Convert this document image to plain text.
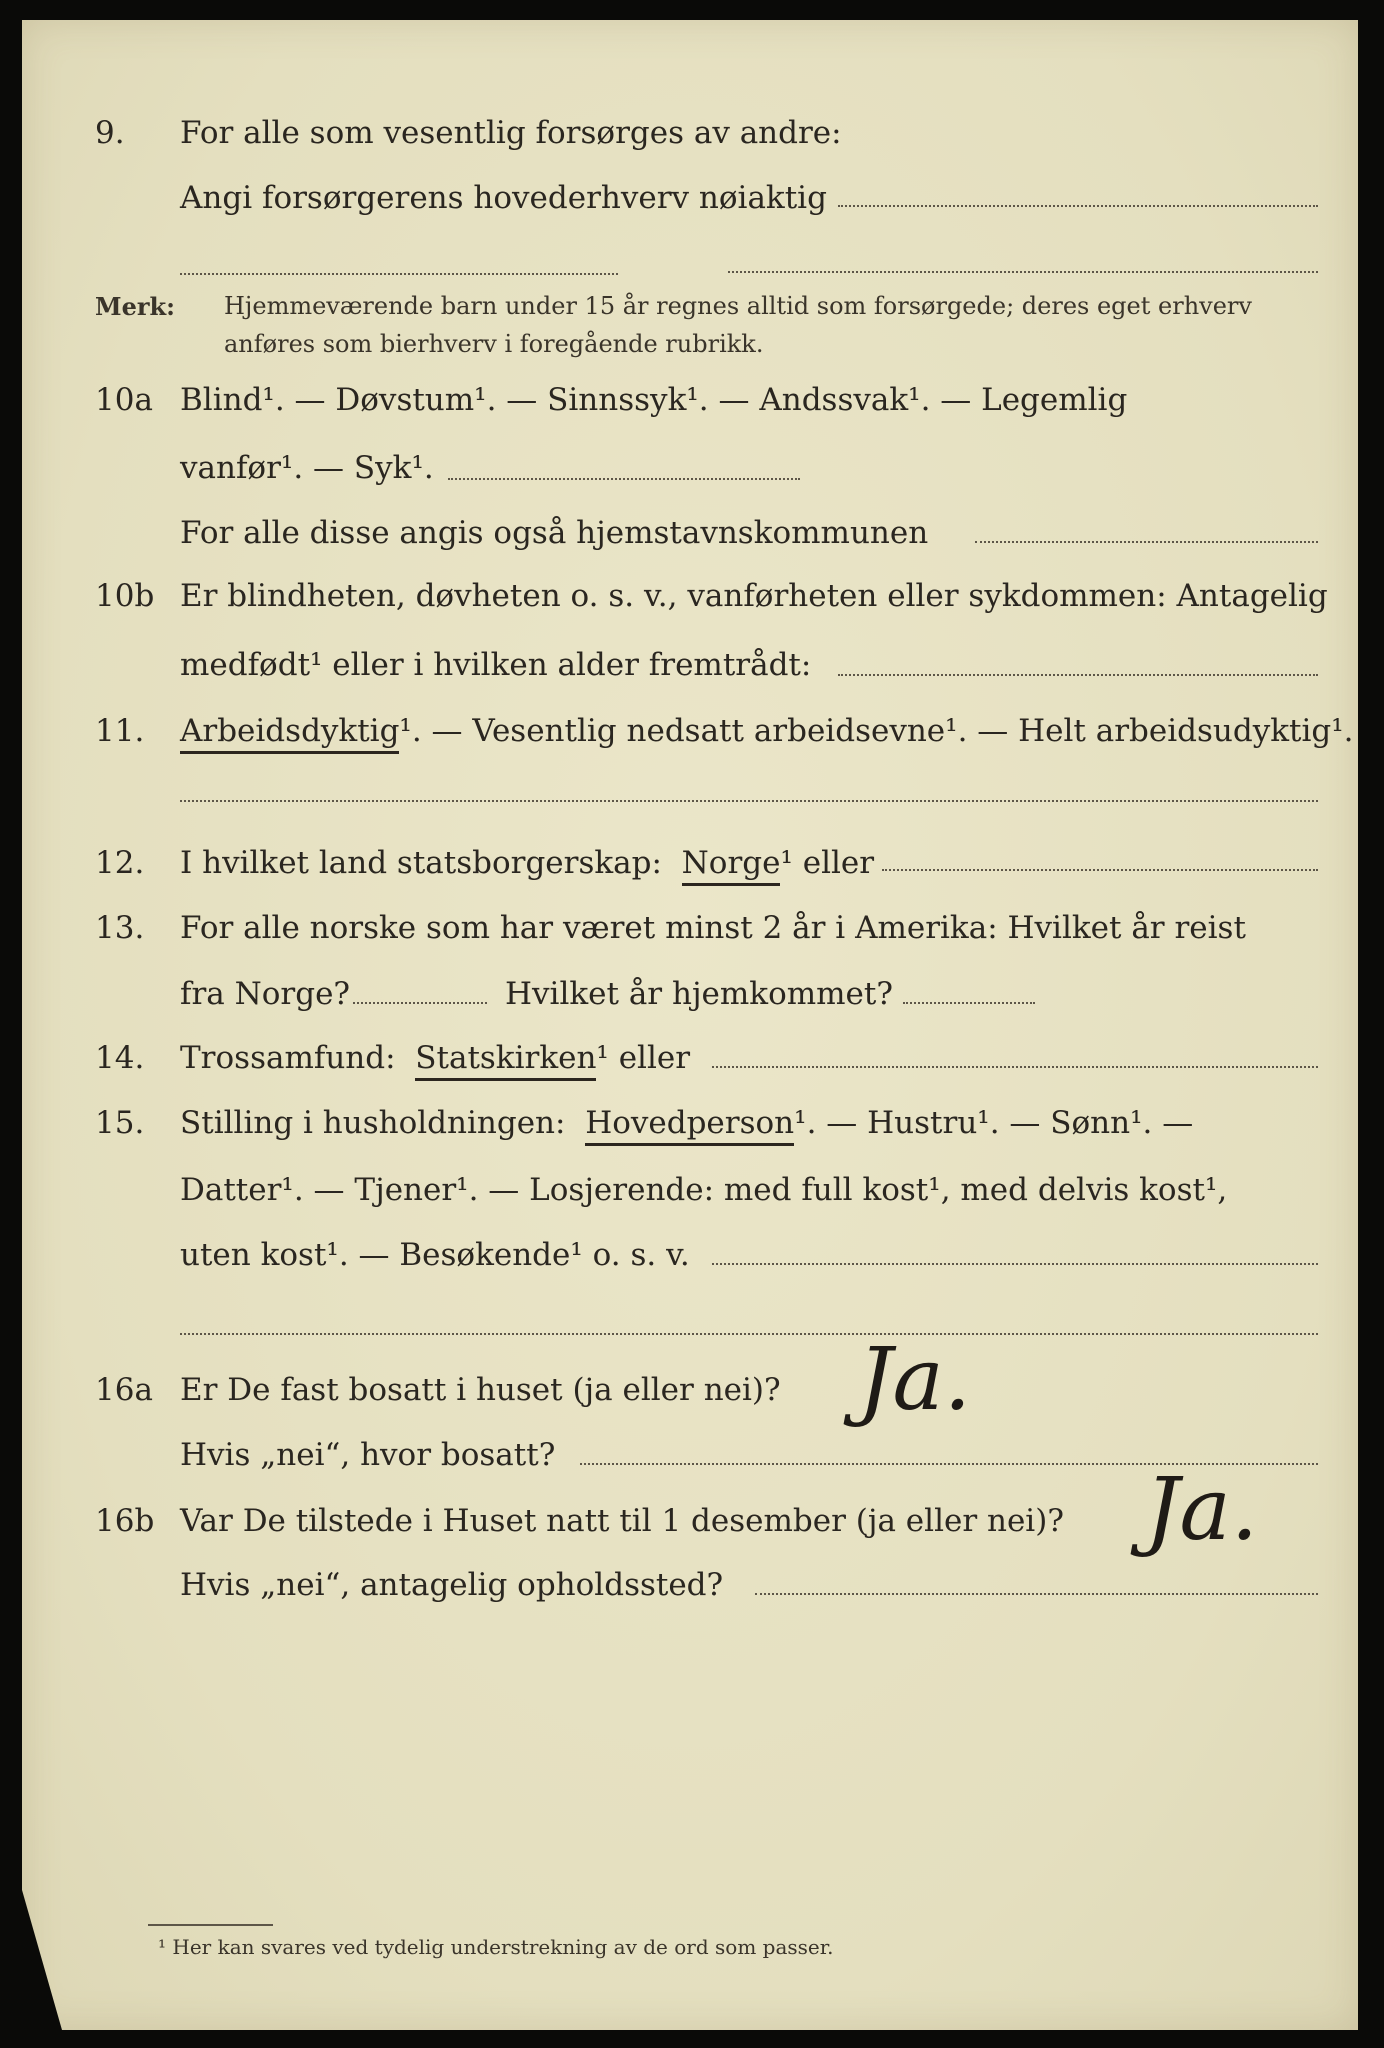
9. For alle som vesentlig forsørges av andre:
Angi forsørgerens hovederhverv nøiaktig
Merk: Hjemmeværende barn under 15 år regnes alltid som forsørgede; deres eget erhverv
anføres som bierhverv i foregående rubrikk.
10a Blind¹. — Døvstum¹. — Sinnssyk¹. — Andssvak¹. — Legemlig
vanfør¹. — Syk¹.
For alle disse angis også hjemstavnskommunen
10b Er blindheten, døvheten o. s. v., vanførheten eller sykdommen: Antagelig
medfødt¹ eller i hvilken alder fremtrådt:
11. Arbeidsdyktig¹. — Vesentlig nedsatt arbeidsevne¹. — Helt arbeidsudyktig¹.
12. I hvilket land statsborgerskap: Norge¹ eller
13. For alle norske som har været minst 2 år i Amerika: Hvilket år reist
fra Norge?	Hvilket år hjemkommet?
14. Trossamfund: Statskirken¹ eller
15. Stilling i husholdningen: Hovedperson¹. — Hustru¹. — Sønn¹. —
Datter¹. — Tjener¹. — Losjerende: med full kost¹, med delvis kost¹,
uten kost¹. — Besøkende¹ o. s. v.
16a Er De fast bosatt i huset (ja eller nei)? Ja.
Hvis „nei“, hvor bosatt?
16b Var De tilstede i Huset natt til 1 desember (ja eller nei)? Ja.
Hvis „nei“, antagelig opholdssted?
¹ Her kan svares ved tydelig understrekning av de ord som passer.
